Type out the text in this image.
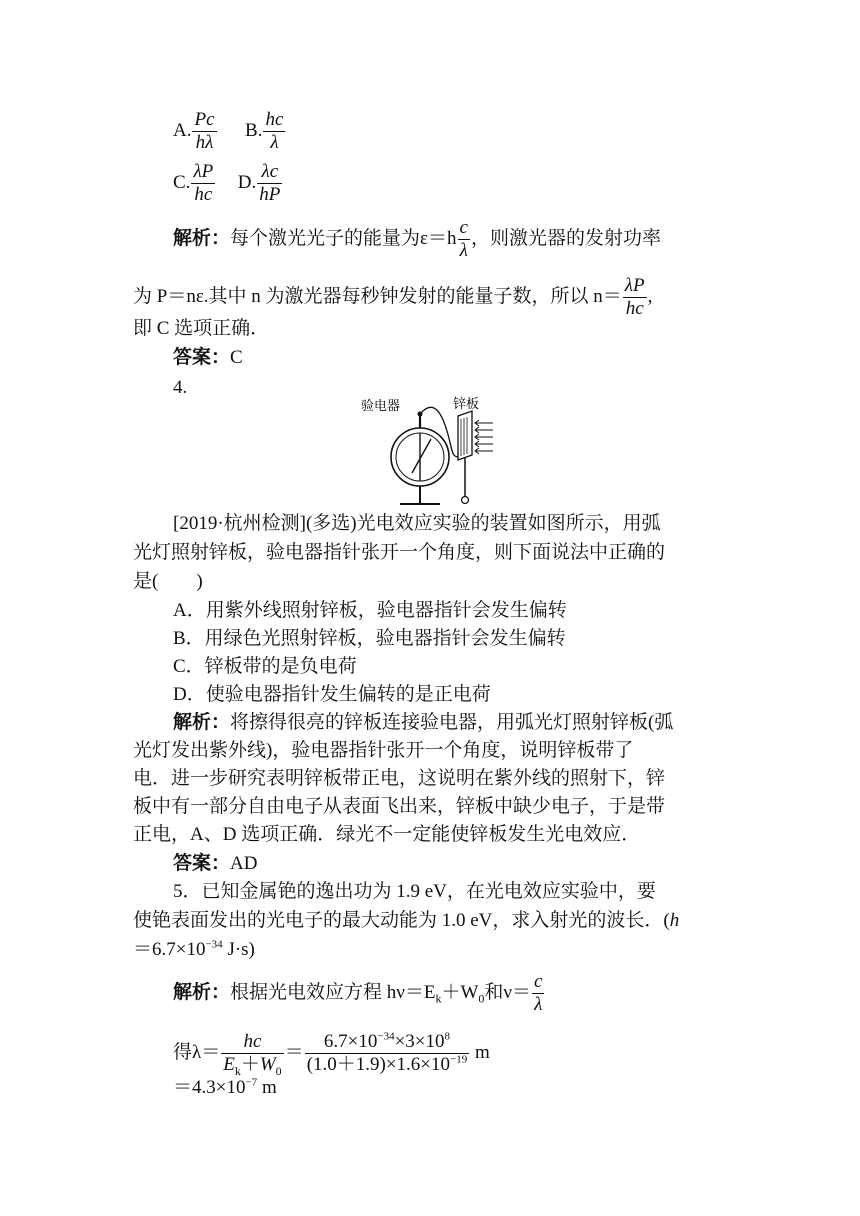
A. $\frac{Pc}{h\lambda} B$. $\frac{hc}{\lambda}$
C. $\frac{\lambda P}{hc} D$. $\frac{\lambda c}{hP}$
解析：每个激光光子的能量为$\varepsilon=h \frac{c}{\lambda}$ ，则激光器的发射功率
为 P＝nε.其中 n 为激光器每秒钟发射的能量子数，所以 $n= \frac{\lambda P}{hc}$ ,
即 C 选项正确．
答案：C
4.
验电器	锌板
[2019·杭州检测](多选)光电效应实验的装置如图所示，用弧
光灯照射锌板，验电器指针张开一个角度，则下面说法中正确的
是(　　)
A．用紫外线照射锌板，验电器指针会发生偏转
B．用绿色光照射锌板，验电器指针会发生偏转
C．锌板带的是负电荷
D．使验电器指针发生偏转的是正电荷
解析：将擦得很亮的锌板连接验电器，用弧光灯照射锌板(弧
光灯发出紫外线)，验电器指针张开一个角度，说明锌板带了
电．进一步研究表明锌板带正电，这说明在紫外线的照射下，锌
板中有一部分自由电子从表面飞出来，锌板中缺少电子，于是带
正电，A、D 选项正确．绿光不一定能使锌板发生光电效应．
答案：AD
5．已知金属铯的逸出功为 1.9 eV，在光电效应实验中，要
使铯表面发出的光电子的最大动能为 1.0 eV，求入射光的波长．(h
$=6.7\times 10^{-34}$ J·s)
解析：根据光电效应方程 $h\nu=E_k+W_0$和$\nu= \frac{c}{\lambda}$
得$\lambda= \frac{hc}{E_k+W_0} = \frac{6.7\times 10^{-34}\times 3\times 10^8}{(1.0+1.9)\times 1.6\times 10^{-19}}$ m
$=4.3\times 10^{-7}$ m
